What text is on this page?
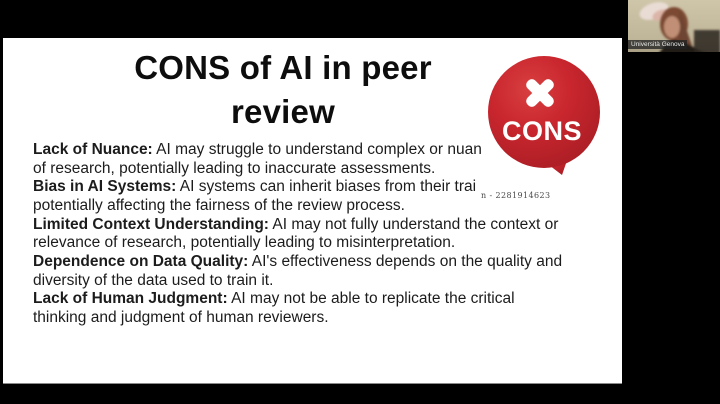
CONS of AI in peer
review
Lack of Nuance: AI may struggle to understand complex or nuan
of research, potentially leading to inaccurate assessments.
Bias in AI Systems: AI systems can inherit biases from their trai
potentially affecting the fairness of the review process.
Limited Context Understanding: AI may not fully understand the context or
relevance of research, potentially leading to misinterpretation.
Dependence on Data Quality: AI's effectiveness depends on the quality and
diversity of the data used to train it.
Lack of Human Judgment: AI may not be able to replicate the critical
thinking and judgment of human reviewers.
n - 2281914623
CONS
Università Genova
